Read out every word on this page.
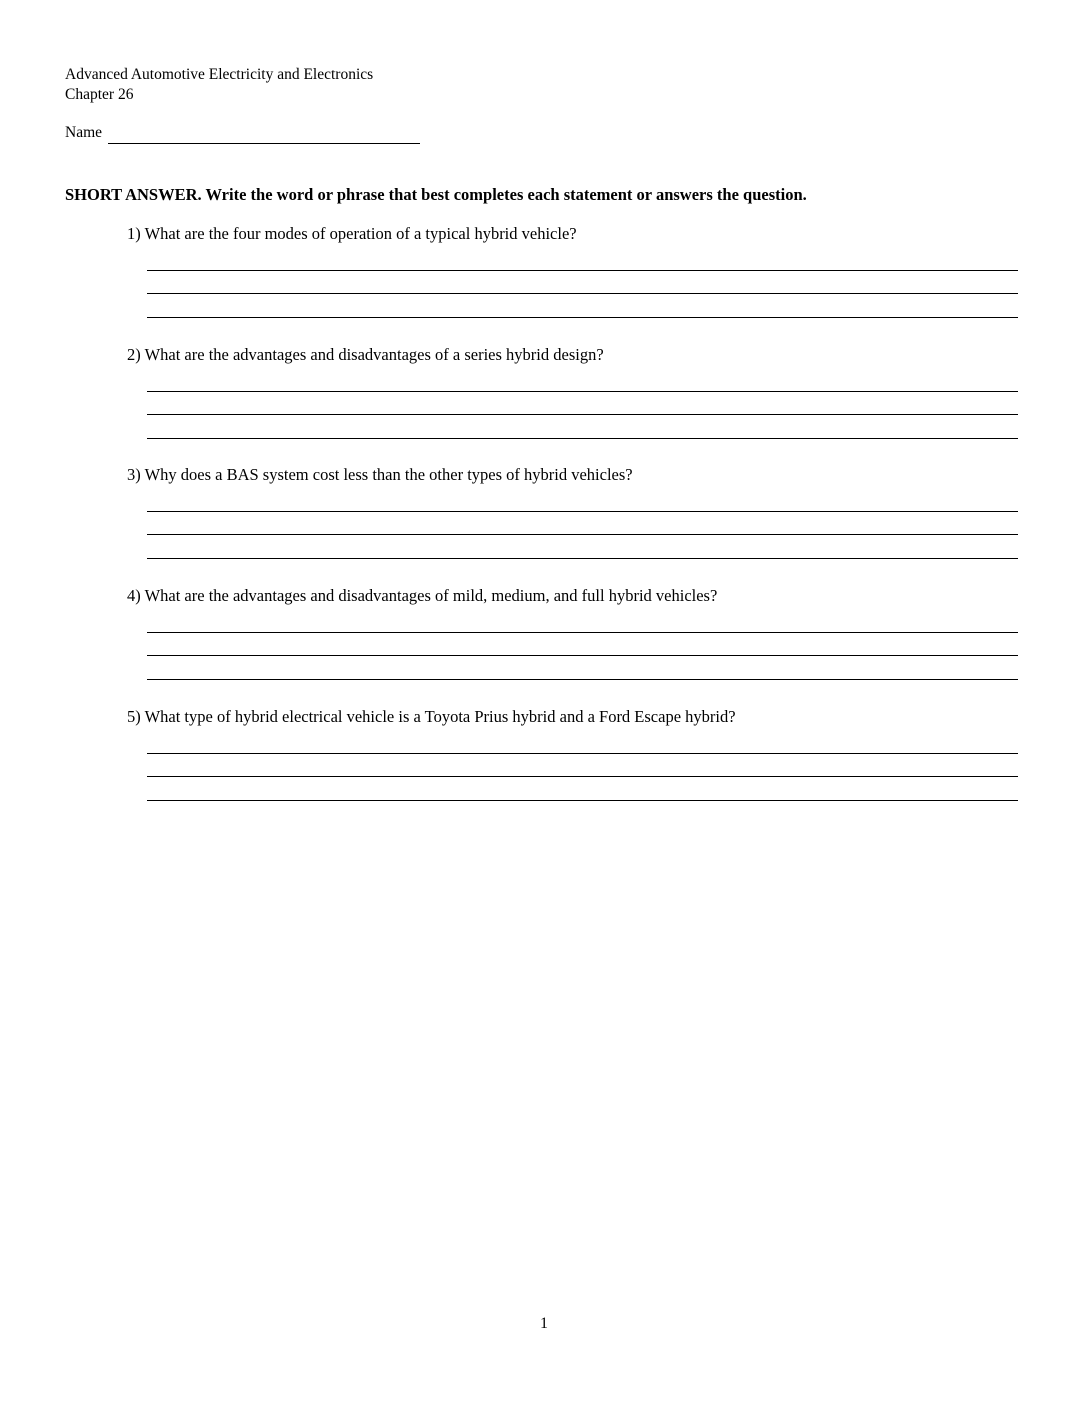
Advanced Automotive Electricity and Electronics
Chapter 26
Name
SHORT ANSWER. Write the word or phrase that best completes each statement or answers the question.
1) What are the four modes of operation of a typical hybrid vehicle?
2) What are the advantages and disadvantages of a series hybrid design?
3) Why does a BAS system cost less than the other types of hybrid vehicles?
4) What are the advantages and disadvantages of mild, medium, and full hybrid vehicles?
5) What type of hybrid electrical vehicle is a Toyota Prius hybrid and a Ford Escape hybrid?
1
